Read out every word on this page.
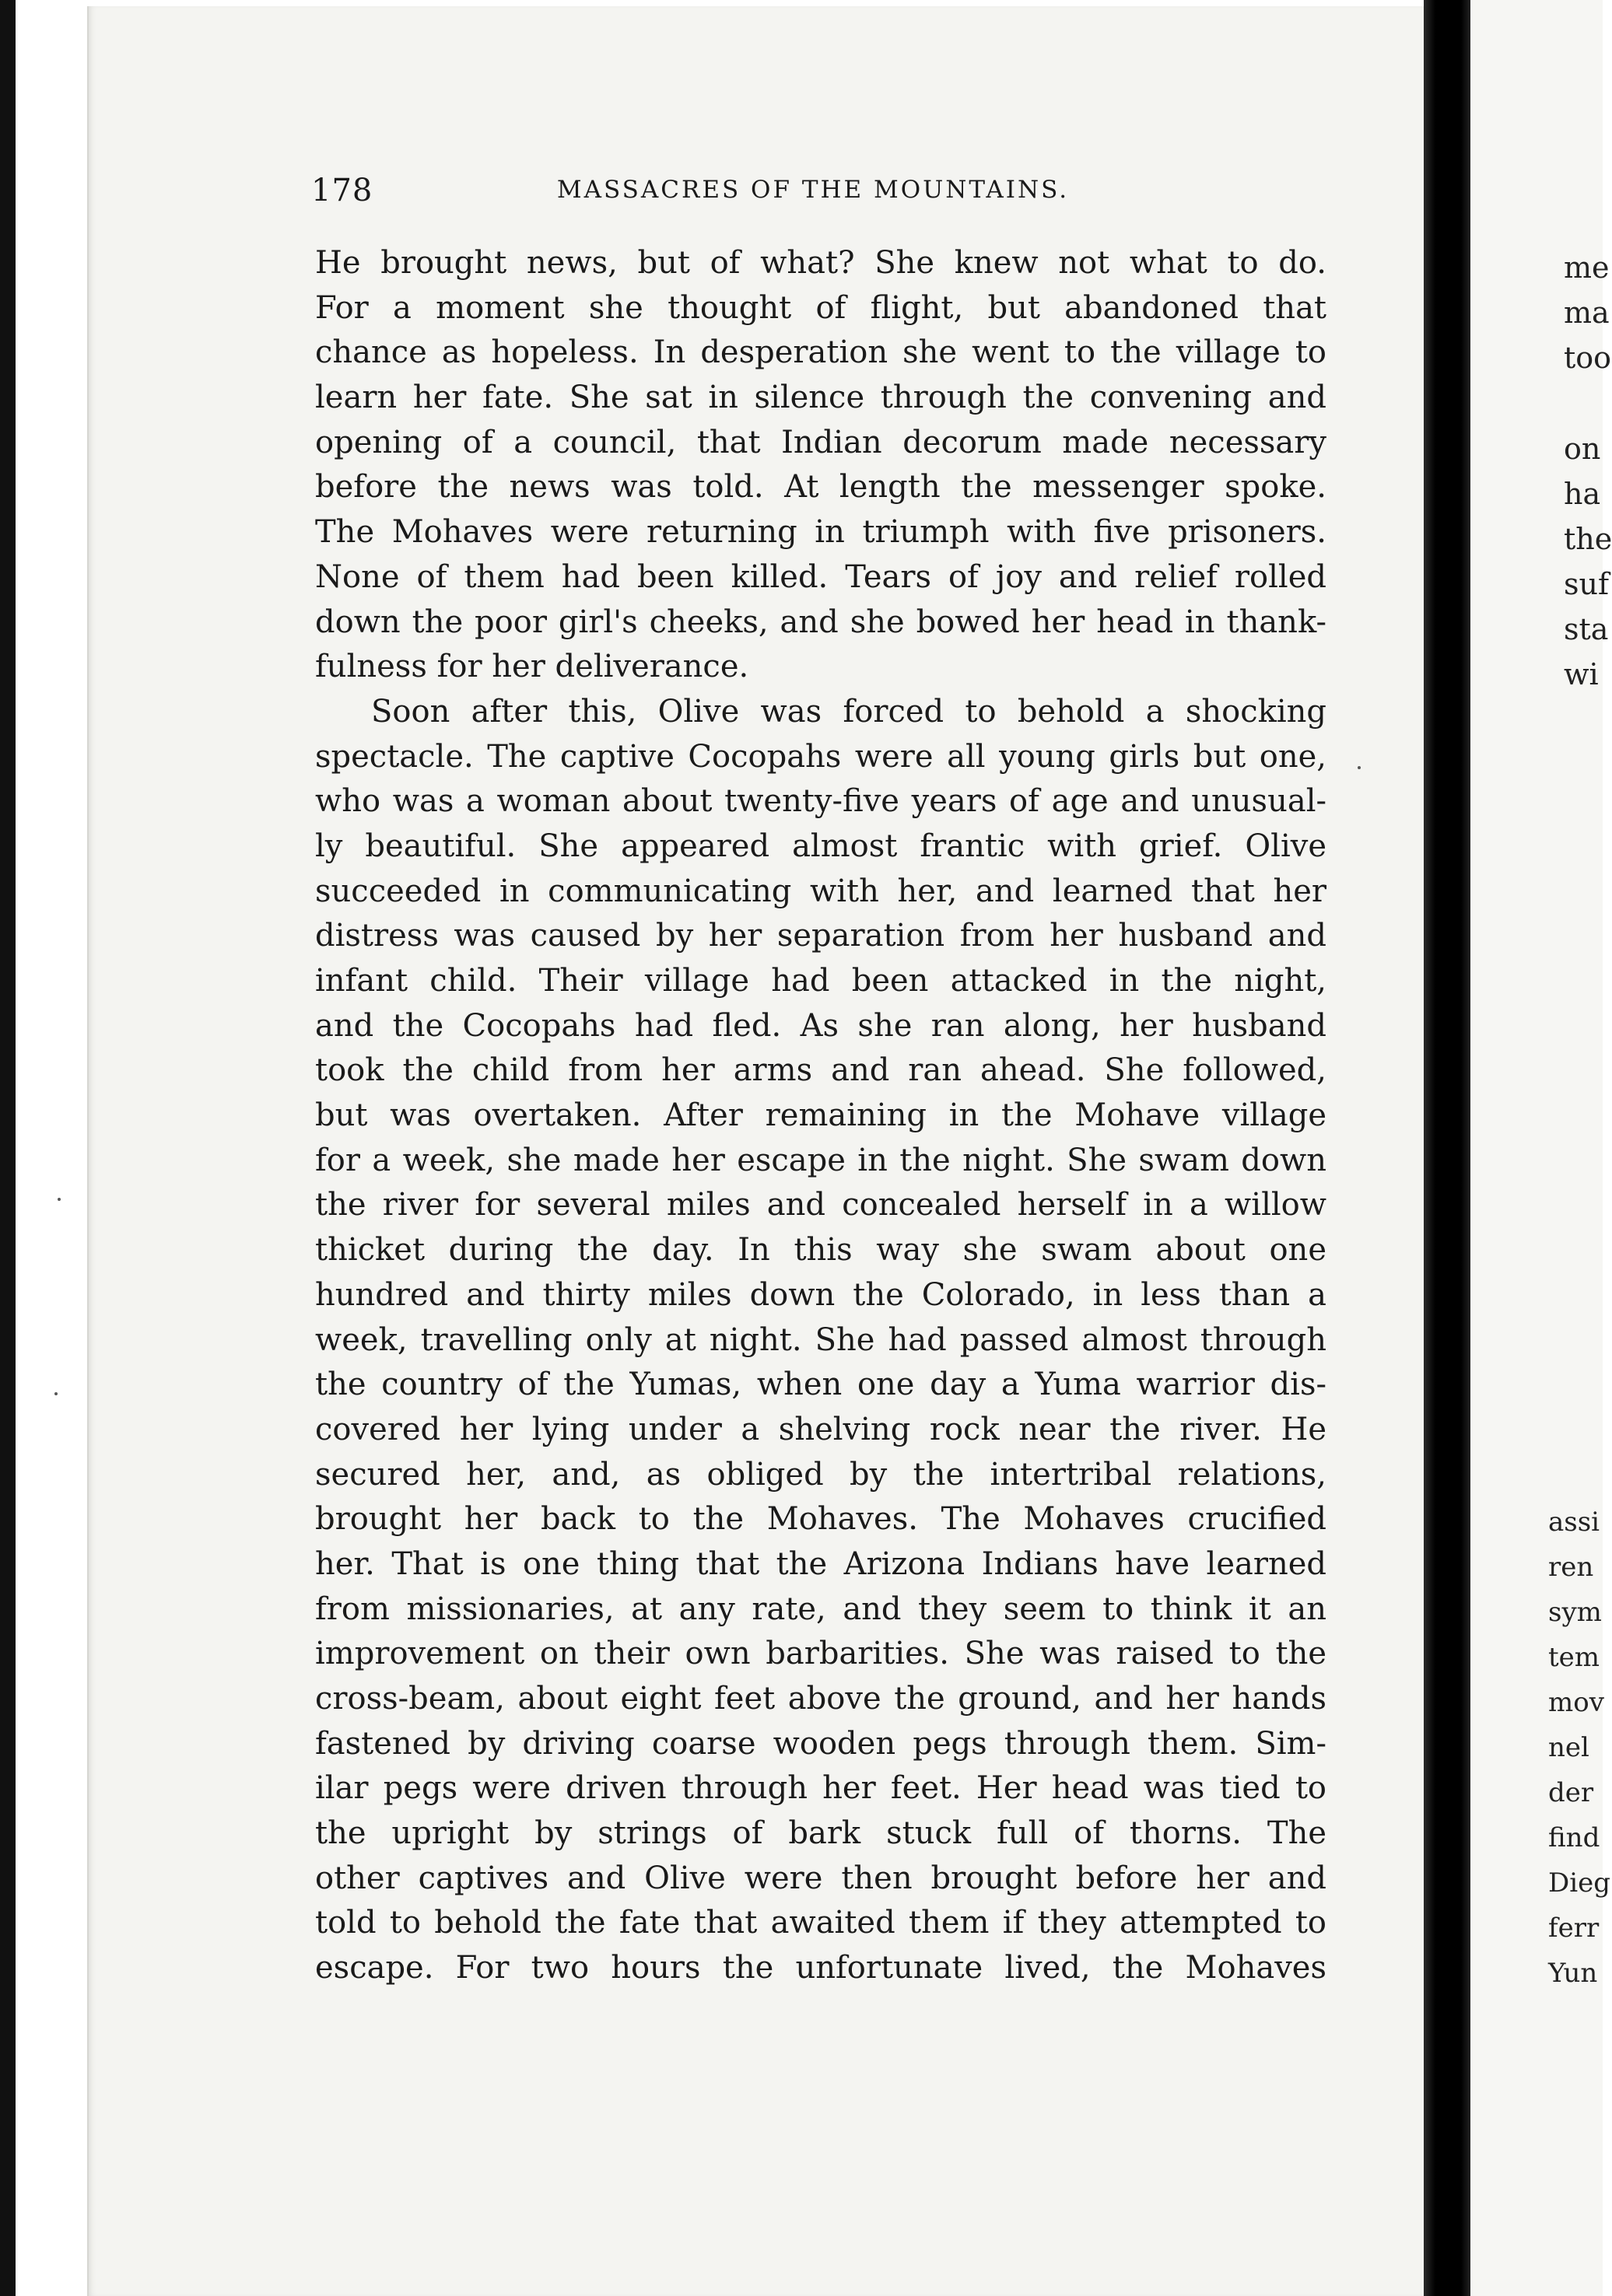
178	MASSACRES OF THE MOUNTAINS.
He brought news, but of what? She knew not what to do.
For a moment she thought of flight, but abandoned that
chance as hopeless. In desperation she went to the village to
learn her fate. She sat in silence through the convening and
opening of a council, that Indian decorum made necessary
before the news was told. At length the messenger spoke.
The Mohaves were returning in triumph with five prisoners.
None of them had been killed. Tears of joy and relief rolled
down the poor girl's cheeks, and she bowed her head in thank-
fulness for her deliverance.
Soon after this, Olive was forced to behold a shocking
spectacle. The captive Cocopahs were all young girls but one,
who was a woman about twenty-five years of age and unusual-
ly beautiful. She appeared almost frantic with grief. Olive
succeeded in communicating with her, and learned that her
distress was caused by her separation from her husband and
infant child. Their village had been attacked in the night,
and the Cocopahs had fled. As she ran along, her husband
took the child from her arms and ran ahead. She followed,
but was overtaken. After remaining in the Mohave village
for a week, she made her escape in the night. She swam down
the river for several miles and concealed herself in a willow
thicket during the day. In this way she swam about one
hundred and thirty miles down the Colorado, in less than a
week, travelling only at night. She had passed almost through
the country of the Yumas, when one day a Yuma warrior dis-
covered her lying under a shelving rock near the river. He
secured her, and, as obliged by the intertribal relations,
brought her back to the Mohaves. The Mohaves crucified
her. That is one thing that the Arizona Indians have learned
from missionaries, at any rate, and they seem to think it an
improvement on their own barbarities. She was raised to the
cross-beam, about eight feet above the ground, and her hands
fastened by driving coarse wooden pegs through them. Sim-
ilar pegs were driven through her feet. Her head was tied to
the upright by strings of bark stuck full of thorns. The
other captives and Olive were then brought before her and
told to behold the fate that awaited them if they attempted to
escape. For two hours the unfortunate lived, the Mohaves
me
ma
too
on
ha
the
suf
sta
wi
assi
ren
sym
tem
mov
nel
der
find
Dieg
ferr
Yun
